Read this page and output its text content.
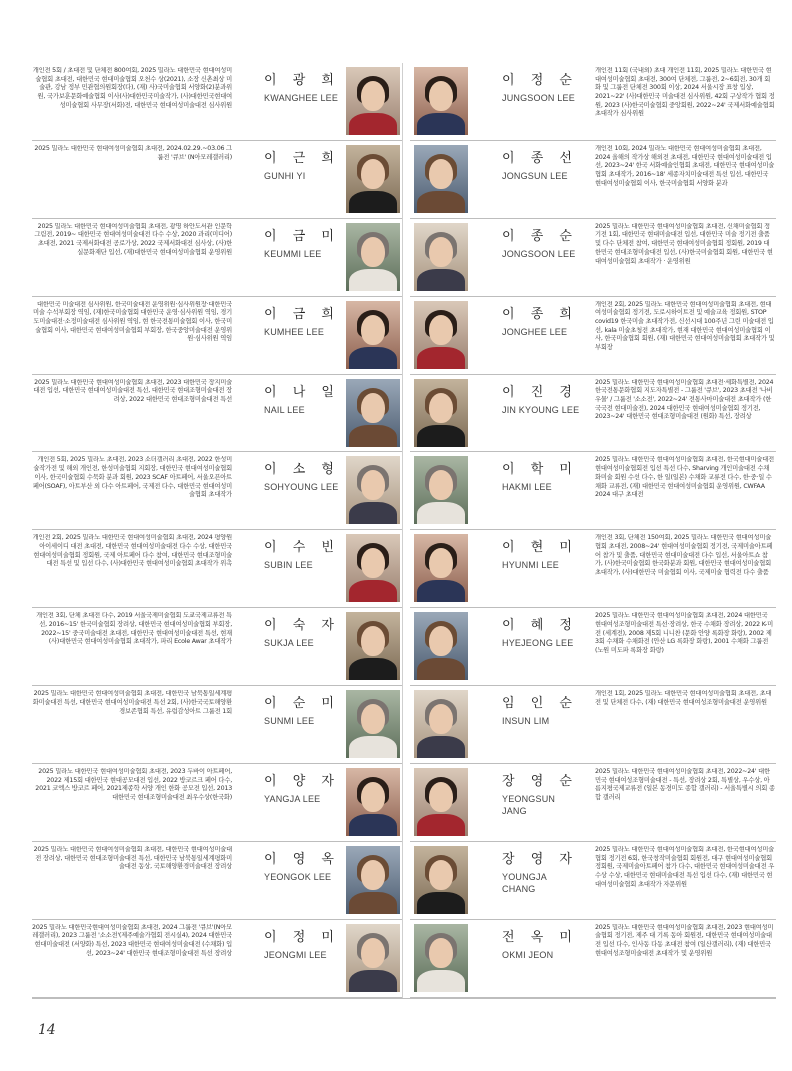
개인전 5회 / 초대전 및 단체전 800여회, 2025 밀라노 대한민국 현대여성미술협회 초대전, 대한민국 현대미술협회 오천수 상(2021), 소장 신촌최상 미술관, 강남 정부 민관협의원회장(다), (재) 사)국미술협회 서양화(2)분과위원, 국가보훈문화예술협회 이사(사)대한민국미술작가, (사)대한민국현대여성미술협회 사무장(서화)전, 대한민국 현대여성미술대전 심사위원
이 광 희
KWANGHEE LEE
2025 밀라노 대한민국 현대여성미술협회 초대전, 2024.02.29.~03.06 그룹전 '큐브' (N아모레갤러리) 이 근 희
GUNHI YI
2025 밀라노 대한민국 현대여성미술협회 초대전, 광명 하안도서관 인문학 그림전, 2019~ 대한민국 현대여성미술대전 다수 수상, 2020 과리(미디어)초대전, 2021 국제서화대전 공로가상, 2022 국제서화대전 심사상, (사)한실문화재단 입선, (재)대한민국 현대여성미술협회 운영위원
이 금 미
KEUMMI LEE
대한민국 미술대전 심사위원, 한국미술대전 운영위원·심사위원장·대한민국미술 수석부회장 역임, (재)한국미술협회 대한민국 운영·심사위원 역임, 경기도미술대전·소정미술대전 심사위원 역임, 현 한국전통미술협회 이사, 한국미술협회 이사, 대한민국 현대여성미술협회 부회장, 한국중앙미술대전 운영위원·심사위원 역임
이 금 희
KUMHEE LEE
2025 밀라노 대한민국 현대여성미술협회 초대전, 2023 대한민국 장지미술대전 입선, 대한민국 현대여성미술대전 특선, 대한민국 현대조형미술대전 장려상, 2022 대한민국 현대조형미술대전 특선 이 나 일
NAIL LEE
개인전 5회, 2025 밀라노 초대전, 2023 소더갤러리 초대전, 2022 한성미술작가전 및 해외 개인전, 한성미술협회 지회장, 대한민국 현대여성미술협회 이사, 한국미술협회 수묵화 분과 회원, 2023 SCAF 아트페어, 서울오픈아트페어(SOAF), 아트부산 외 다수 아트페어, 국제전 다수, 대한민국 현대여성미술협회 초대작가
이 소 형
SOHYOUNG LEE
개인전 2회, 2025 밀라노 대한민국 현대여성미술협회 초대전, 2024 평양원 아이세이디 대전 초대전, 대한민국 현대여성미술대전 다수 수상, 대한민국 현대여성미술협회 정회원, 국제 아트페어 다수 참여, 대한민국 현대조형미술대전 특선 및 입선 다수, (사)대한민국 현대여성미술협회 초대작가 위촉
이 수 빈
SUBIN LEE
개인전 3회, 단체 초대전 다수, 2019 서울국제미술협회 도쿄국제교류전 특선, 2016~15' 한국미술협회 장려상, 대한민국 현대여성미술협회 부회장, 2022~15' 중국미술대전 초대전, 대한민국 현대여성미술대전 특선, 현재 (사)대한민국 현대여성미술협회 초대작가, 파리 Ecole Awar 초대작가
이 숙 자
SUKJA LEE
2025 밀라노 대한민국 현대여성미술협회 초대전, 대한민국 남북통일세계평화미술대전 특선, 대한민국 현대여성미술대전 특선 2회, (사)한국국토해양환경보존협회 특선, 유럽감성아트 그룹전 1회 이 순 미
SUNMI LEE
2025 밀라노 대한민국 현대여성미술협회 초대전, 2023 두바이 아트페어, 2022 제15회 대한민국 현대공모대전 입선, 2022 방코르크 페어 다수, 2021 코엑스 방코르 페어, 2021제종학 서양 개인 한화 공모전 입선, 2013 대한민국 현대조형미술대전 최우수상(한국화)
이 양 자
YANGJA LEE
2025 밀라노 대한민국 현대여성미술협회 초대전, 대한민국 현대여성미술대전 장려상, 대한민국 현대조형미술대전 특선, 대한민국 남북통일세계평화미술대전 동상, 국토해양환경미술대전 장려상 이 영 옥
YEONGOK LEE
2025 밀라노 대한민국현대여성미술협회 초대전, 2024 그룹전 '큐브'(N아모레갤러리), 2023 그룹전 '소소전'(제주예술가협회 전시실4), 2024 대한민국 현대미술대전 (서양화) 특선, 2023 대한민국 현대여성미술대전 (수채화) 입선, 2023~24' 대한민국 현대조형미술대전 특선 장려상
이 정 미
JEONGMI LEE
개인전 11회 (국내외) 초대 개인전 11회, 2025 밀라노 대한민국 현대여성미술협회 초대전, 300여 단체전, 그룹전, 2~6회전, 30개 회화 및 그룹전 단체전 300회 이상, 2024 서울시장 표창 입상, 2021~22' (사)대한민국 미술대전 심사위원, 42회 구상작가 협회 정원, 2023 (사)한국미술협회 중앙회원, 2022~24' 국제서화예술협회 초대작가 심사위원
이 정 순
JUNGSOON LEE
개인전 10회, 2024 밀라노 대한민국 현대여성미술협회 초대전, 2024 올해의 작가상 해외전 초대전, 대한민국 현대여성미술대전 입선, 2023~24' 한국 서화예술인협회 초대전, 대한민국 현대여성미술협회 초대작가, 2016~18' 세종자치미술대전 특선 입선, 대한민국 현대여성미술협회 이사, 한국미술협회 서양화 분과
이 종 선
JONGSUN LEE
2025 밀라노 대한민국 현대여성미술협회 초대전, 신채미술협회 정기전 1회, 대한민국 현대미술대전 입선, 대한민국 미술 정기전 출품 및 다수 단체전 참여, 대한민국 현대여성미술협회 정회원, 2019 대한민국 현대조형미술대전 입선, (사)한국미술협회 회원, 대한민국 현대여성미술협회 초대작가 · 운영위원
이 종 순
JONGSOON LEE
개인전 2회, 2025 밀라노 대한민국 현대여성미술협회 초대전, 현대여성미술협회 정기전, 도로시하이트전 및 예술교육 정회원, STOP covid19 한국미술 초대작가전, 신선시대 100주년 그린 미술대전 입선, kala 미술초청전 초대작가, 현재 대한민국 현대여성미술협회 이사, 한국미술협회 회원, (재) 대한민국 현대여성미술협회 초대작가 및 부회장
이 종 희
JONGHEE LEE
2025 밀라노 대한민국 현대여성미술협회 초대전·세화특별전, 2024 한국전통문화협회 지도자특별전 - 그룹전 '큐브', 2023 초대전 '나비우물' / 그룹전 '소소전', 2022~24' 전통사마미술대전 초대작가 (한국국전 현대미술전), 2024 대한민국 현대여성미술협회 정기전, 2023~24' 대한민국 현대조형미술대전 (원화) 특선, 장려상
이 진 경
JIN KYOUNG LEE
2025 밀라노 대한민국 현대여성미술협회 초대전, 한국현대미술대전 현대여성미술협회전 입선 특선 다수, Sharving 개인미술대전 수채화미술 회원 수선 다수, 한 일(일본) 수채화 교류전 다수, 한·중·일 수채화 교류전, (재) 대한민국 현대여성미술협회 운영위원, CWFAA 2024 대구 초대전
이 학 미
HAKMI LEE
개인전 3회, 단체전 150여회, 2025 밀라노 대한민국 현대여성미술협회 초대전, 2008~24' 현대여성미술협회 정기전, 국제미술아트페어 참가 및 출품, 대한민국 현대미술대전 다수 입선, 서울아트쇼 참가, (사)한국미술협회 한국화분과 회원, 대한민국 현대여성미술협회 초대작가, (사)대한민국 미술협회 이사, 국제미술 협력전 다수 출품
이 현 미
HYUNMI LEE
2025 밀라노 대한민국 현대여성미술협회 초대전, 2024 대한민국 현대여성조형미술대전 특선·장려상, 한국 수채화 장려상, 2022 K-미전 (세계전), 2008 제5회 니니찬 (문화 안양 록화장 화랑), 2002 제3회 수채화 수채화전 (안산 LG 록화장 화랑), 2001 수채화 그룹전 (노원 미도파 록화장 화랑)
이 혜 정
HYEJEONG LEE
개인전 1회, 2025 밀라노 대한민국 현대여성미술협회 초대전, 초대전 및 단체전 다수, (재) 대한민국 현대여성조형미술대전 운영위원
임 인 순
INSUN LIM
2025 밀라노 대한민국 현대여성미술협회 초대전, 2022~24' 대한민국 현대여성조형미술대전 - 특선, 장려상 2회, 특별상, 우수상, 아름지평국제교류전 (일본 동경미도 종합 갤러리) - 서울특별시 의회 종합 갤러리
장 영 순
YEONGSUN JANG
2025 밀라노 대한민국 현대여성미술협회 초대전, 한국현대여성미술협회 정기전 6회, 한국창작미술협회 회원전, 대구 현대여성미술협회 정회원, 국제미술아트페어 참가 다수, 대한민국 현대여성미술대전 우수상 수상, 대한민국 현대미술대전 특선 입선 다수, (재) 대한민국 현대여성미술협회 초대작가 자문위원
장 영 자
YOUNGJA CHANG
2025 밀라노 대한민국 현대여성미술협회 초대전, 2023 현대여성미술협회 정기전, 제주 대 기록 동아 회원전, 대한민국 현대여성미술대전 입선 다수, 인사동 다동 초대전 참여 (일산갤러리), (재) 대한민국 현대여성조형미술대전 초대작가 및 운영위원
전 옥 미
OKMI JEON
14
